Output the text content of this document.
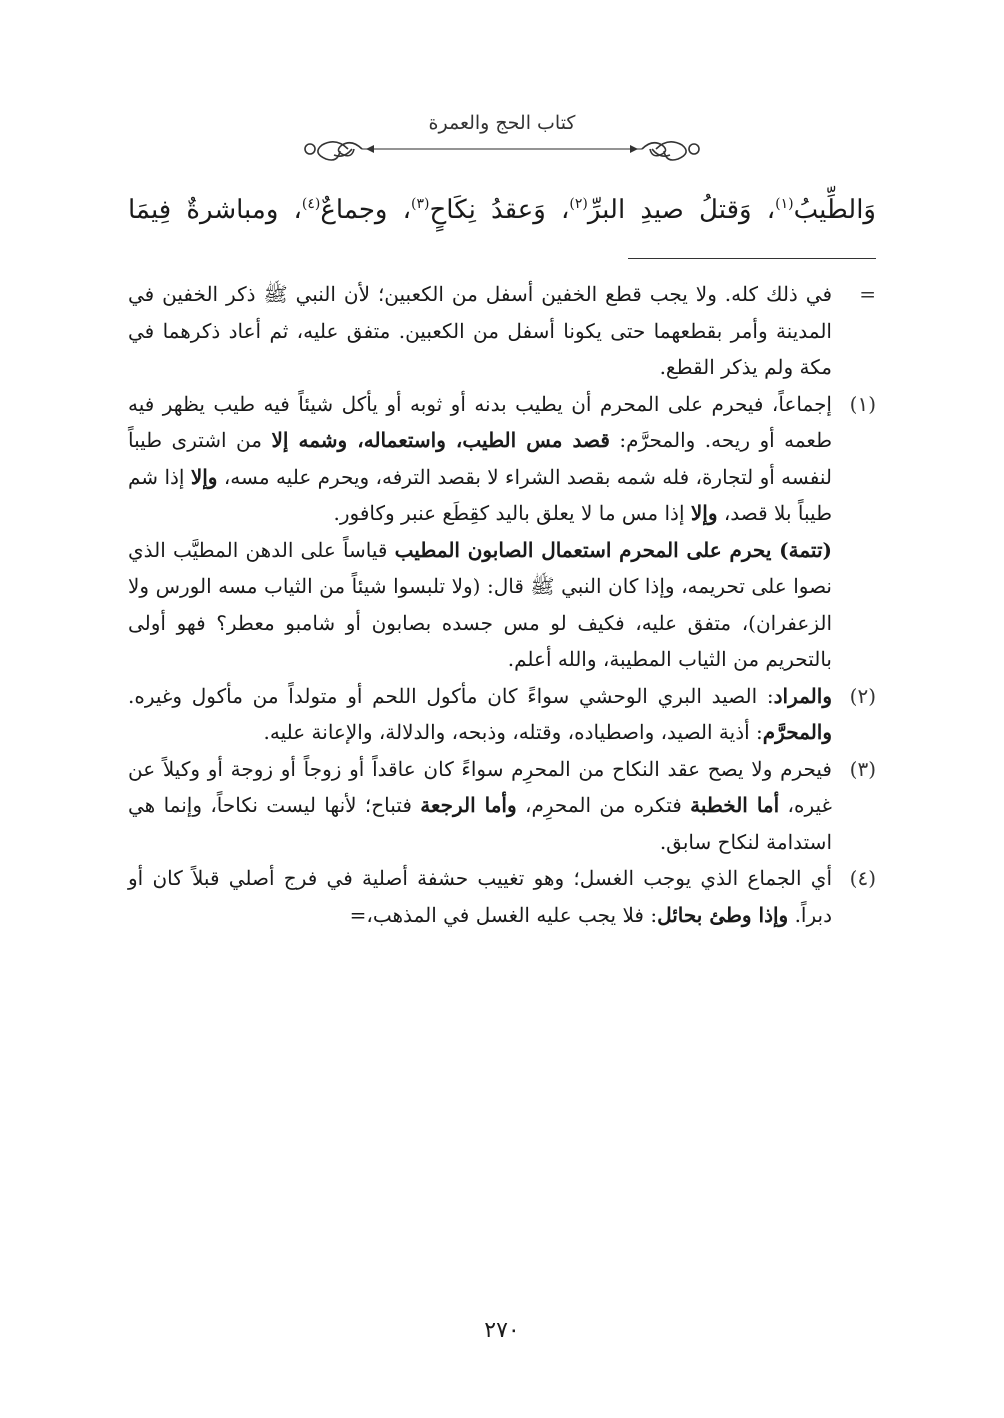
كتاب الحج والعمرة
وَالطِّيبُ$^{(١)}$، وَقتلُ صيدِ البرِّ$^{(٢)}$، وَعقدُ نِكَاحٍ$^{(٣)}$، وجماعٌ$^{(٤)}$، ومباشرةٌ فِيمَا
=
في ذلك كله. ولا يجب قطع الخفين أسفل من الكعبين؛ لأن النبي ﷺ ذكر الخفين في المدينة وأمر بقطعهما حتى يكونا أسفل من الكعبين. متفق عليه، ثم أعاد ذكرهما في مكة ولم يذكر القطع.
(١)
إجماعاً، فيحرم على المحرم أن يطيب بدنه أو ثوبه أو يأكل شيئاً فيه طيب يظهر فيه طعمه أو ريحه. والمحرَّم: قصد مس الطيب، واستعماله، وشمه إلا من اشترى طيباً لنفسه أو لتجارة، فله شمه بقصد الشراء لا بقصد الترفه، ويحرم عليه مسه، وإلا إذا شم طيباً بلا قصد، وإلا إذا مس ما لا يعلق باليد كقِطَع عنبر وكافور.
(تتمة) يحرم على المحرم استعمال الصابون المطيب قياساً على الدهن المطيَّب الذي نصوا على تحريمه، وإذا كان النبي ﷺ قال: (ولا تلبسوا شيئاً من الثياب مسه الورس ولا الزعفران)، متفق عليه، فكيف لو مس جسده بصابون أو شامبو معطر؟ فهو أولى بالتحريم من الثياب المطيبة، والله أعلم.
(٢)
والمراد: الصيد البري الوحشي سواءً كان مأكول اللحم أو متولداً من مأكول وغيره. والمحرَّم: أذية الصيد، واصطياده، وقتله، وذبحه، والدلالة، والإعانة عليه.
(٣)
فيحرم ولا يصح عقد النكاح من المحرِم سواءً كان عاقداً أو زوجاً أو زوجة أو وكيلاً عن غيره، أما الخطبة فتكره من المحرِم، وأما الرجعة فتباح؛ لأنها ليست نكاحاً، وإنما هي استدامة لنكاح سابق.
(٤)
أي الجماع الذي يوجب الغسل؛ وهو تغييب حشفة أصلية في فرج أصلي قبلاً كان أو دبراً. وإذا وطئ بحائل: فلا يجب عليه الغسل في المذهب،=
٢٧٠
